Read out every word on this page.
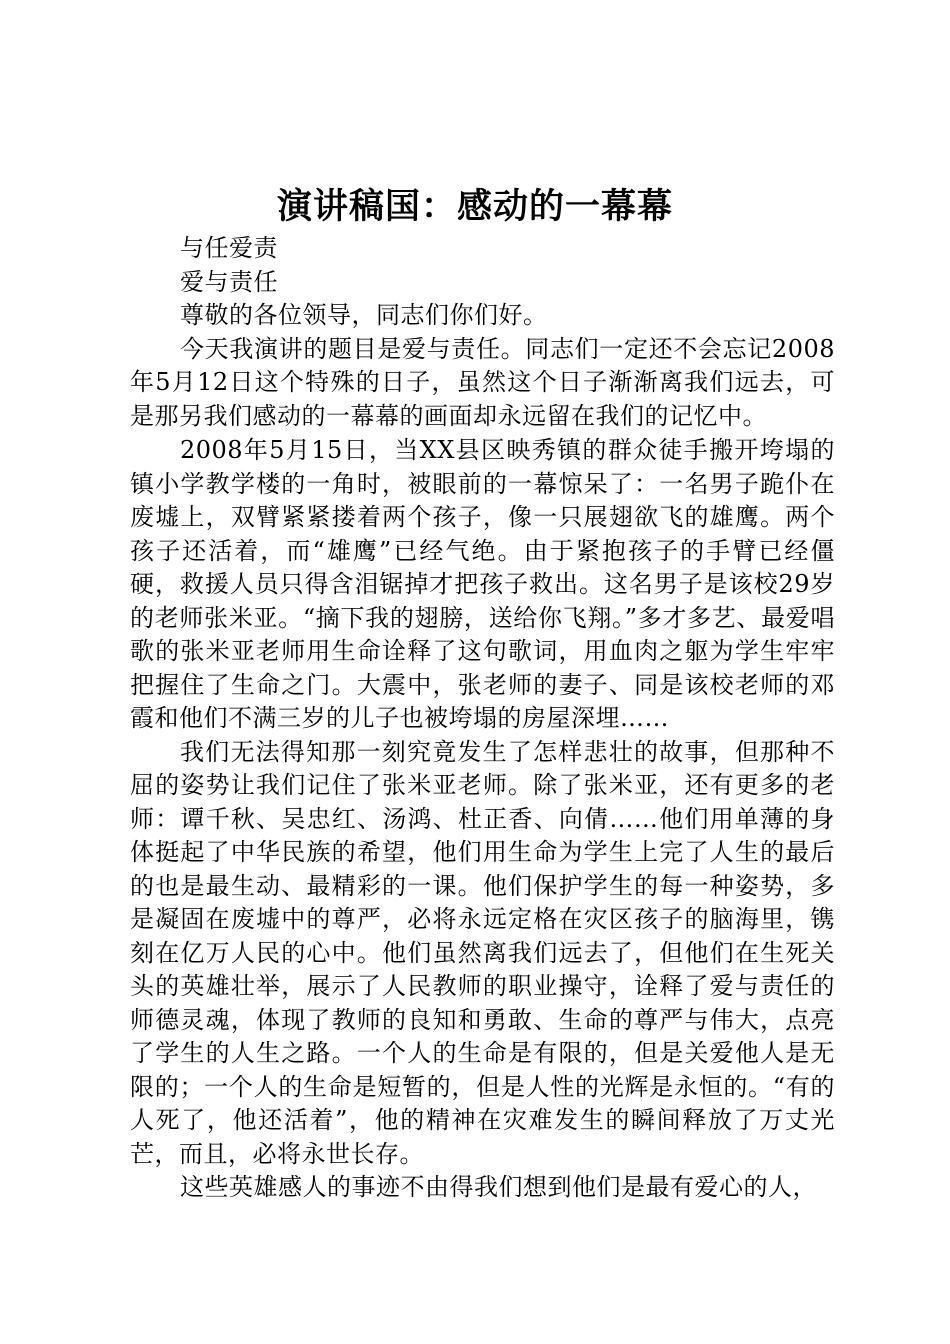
演讲稿国：感动的一幕幕

与任爱责

爱与责任

尊敬的各位领导，同志们你们好。

今天我演讲的题目是爱与责任。同志们一定还不会忘记2008年5月12日这个特殊的日子，虽然这个日子渐渐离我们远去，可是那另我们感动的一幕幕的画面却永远留在我们的记忆中。

2008年5月15日，当XX县区映秀镇的群众徒手搬开垮塌的镇小学教学楼的一角时，被眼前的一幕惊呆了：一名男子跪仆在废墟上，双臂紧紧搂着两个孩子，像一只展翅欲飞的雄鹰。两个孩子还活着，而“雄鹰”已经气绝。由于紧抱孩子的手臂已经僵硬，救援人员只得含泪锯掉才把孩子救出。这名男子是该校29岁的老师张米亚。“摘下我的翅膀，送给你飞翔。”多才多艺、最爱唱歌的张米亚老师用生命诠释了这句歌词，用血肉之躯为学生牢牢把握住了生命之门。大震中，张老师的妻子、同是该校老师的邓霞和他们不满三岁的儿子也被垮塌的房屋深埋……

我们无法得知那一刻究竟发生了怎样悲壮的故事，但那种不屈的姿势让我们记住了张米亚老师。除了张米亚，还有更多的老师：谭千秋、吴忠红、汤鸿、杜正香、向倩……他们用单薄的身体挺起了中华民族的希望，他们用生命为学生上完了人生的最后的也是最生动、最精彩的一课。他们保护学生的每一种姿势，多是凝固在废墟中的尊严，必将永远定格在灾区孩子的脑海里，镌刻在亿万人民的心中。他们虽然离我们远去了，但他们在生死关头的英雄壮举，展示了人民教师的职业操守，诠释了爱与责任的师德灵魂，体现了教师的良知和勇敢、生命的尊严与伟大，点亮了学生的人生之路。一个人的生命是有限的，但是关爱他人是无限的；一个人的生命是短暂的，但是人性的光辉是永恒的。“有的人死了，他还活着”，他的精神在灾难发生的瞬间释放了万丈光芒，而且，必将永世长存。

这些英雄感人的事迹不由得我们想到他们是最有爱心的人，
